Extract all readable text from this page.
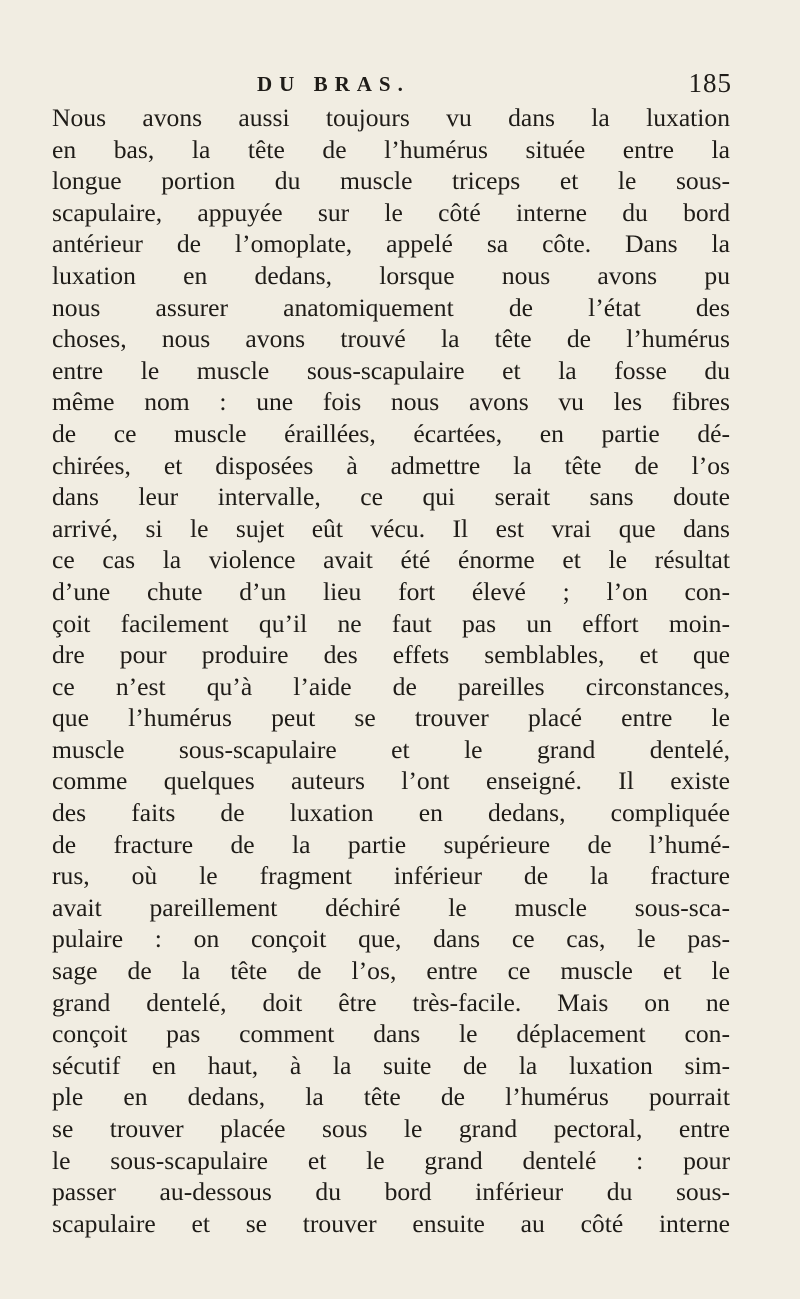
DU BRAS.	185
Nous avons aussi toujours vu dans la luxation
en bas, la tête de l’humérus située entre la
longue portion du muscle triceps et le sous-
scapulaire, appuyée sur le côté interne du bord
antérieur de l’omoplate, appelé sa côte. Dans la
luxation en dedans, lorsque nous avons pu
nous assurer anatomiquement de l’état des
choses, nous avons trouvé la tête de l’humérus
entre le muscle sous-scapulaire et la fosse du
même nom : une fois nous avons vu les fibres
de ce muscle éraillées, écartées, en partie dé-
chirées, et disposées à admettre la tête de l’os
dans leur intervalle, ce qui serait sans doute
arrivé, si le sujet eût vécu. Il est vrai que dans
ce cas la violence avait été énorme et le résultat
d’une chute d’un lieu fort élevé ; l’on con-
çoit facilement qu’il ne faut pas un effort moin-
dre pour produire des effets semblables, et que
ce n’est qu’à l’aide de pareilles circonstances,
que l’humérus peut se trouver placé entre le
muscle sous-scapulaire et le grand dentelé,
comme quelques auteurs l’ont enseigné. Il existe
des faits de luxation en dedans, compliquée
de fracture de la partie supérieure de l’humé-
rus, où le fragment inférieur de la fracture
avait pareillement déchiré le muscle sous-sca-
pulaire : on conçoit que, dans ce cas, le pas-
sage de la tête de l’os, entre ce muscle et le
grand dentelé, doit être très-facile. Mais on ne
conçoit pas comment dans le déplacement con-
sécutif en haut, à la suite de la luxation sim-
ple en dedans, la tête de l’humérus pourrait
se trouver placée sous le grand pectoral, entre
le sous-scapulaire et le grand dentelé : pour
passer au-dessous du bord inférieur du sous-
scapulaire et se trouver ensuite au côté interne
